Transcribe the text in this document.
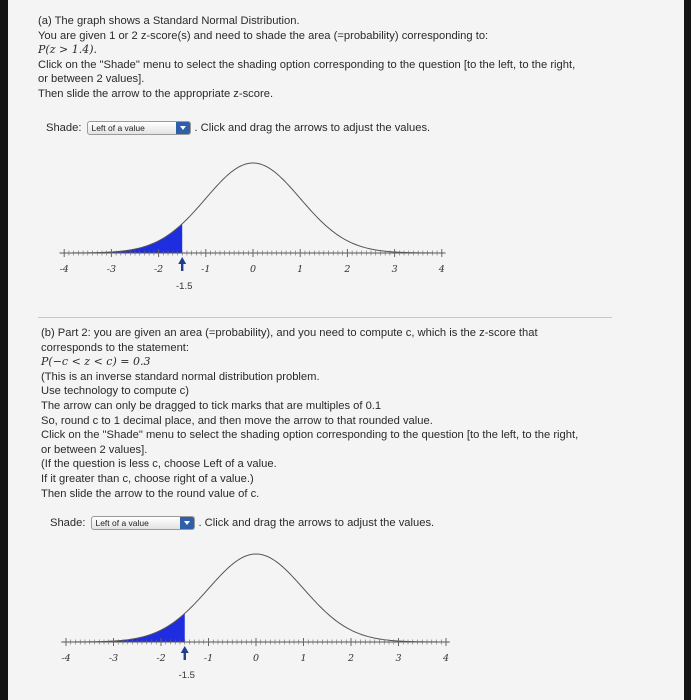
(a) The graph shows a Standard Normal Distribution.
You are given 1 or 2 z-score(s) and need to shade the area (=probability) corresponding to:
P(z > 1.4).
Click on the "Shade" menu to select the shading option corresponding to the question [to the left, to the right,
or between 2 values].
Then slide the arrow to the appropriate z-score.
Shade:	Left of a value	. Click and drag the arrows to adjust the values.
-4	-3	-2	-1	0	1	2	3	4
-1.5
(b) Part 2: you are given an area (=probability), and you need to compute c, which is the z-score that
corresponds to the statement:
P(−c < z < c) = 0.3
(This is an inverse standard normal distribution problem.
Use technology to compute c)
The arrow can only be dragged to tick marks that are multiples of 0.1
So, round c to 1 decimal place, and then move the arrow to that rounded value.
Click on the "Shade" menu to select the shading option corresponding to the question [to the left, to the right,
or between 2 values].
(If the question is less c, choose Left of a value.
If it greater than c, choose right of a value.)
Then slide the arrow to the round value of c.
Shade:	Left of a value	. Click and drag the arrows to adjust the values.
-4	-3	-2	-1	0	1	2	3	4
-1.5
